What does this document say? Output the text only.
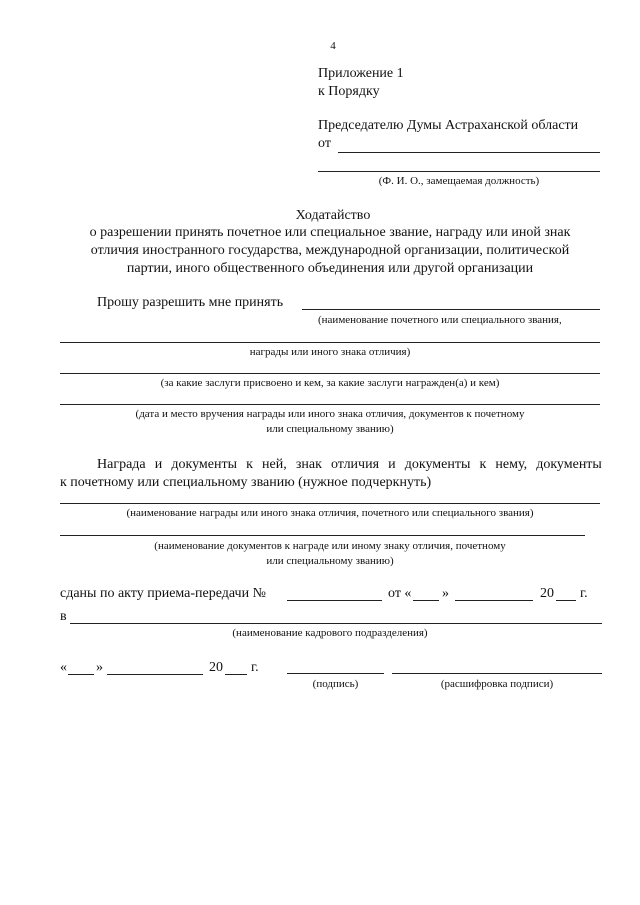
4
Приложение 1
к Порядку
Председателю Думы Астраханской области
от
(Ф. И. О., замещаемая должность)
Ходатайство
о разрешении принять почетное или специальное звание, награду или иной знак
отличия иностранного государства, международной организации, политической
партии, иного общественного объединения или другой организации
Прошу разрешить мне принять
(наименование почетного или специального звания,
награды или иного знака отличия)
(за какие заслуги присвоено и кем, за какие заслуги награжден(а) и кем)
(дата и место вручения награды или иного знака отличия, документов к почетному
или специальному званию)
Награда и документы к ней, знак отличия и документы к нему, документы
к почетному или специальному званию (нужное подчеркнуть)
(наименование награды или иного знака отличия, почетного или специального звания)
(наименование документов к награде или иному знаку отличия, почетному
или специальному званию)
сданы по акту приема-передачи №	от « »	20 г.
в
(наименование кадрового подразделения)
« »	20 г.
(подпись)	(расшифровка подписи)
